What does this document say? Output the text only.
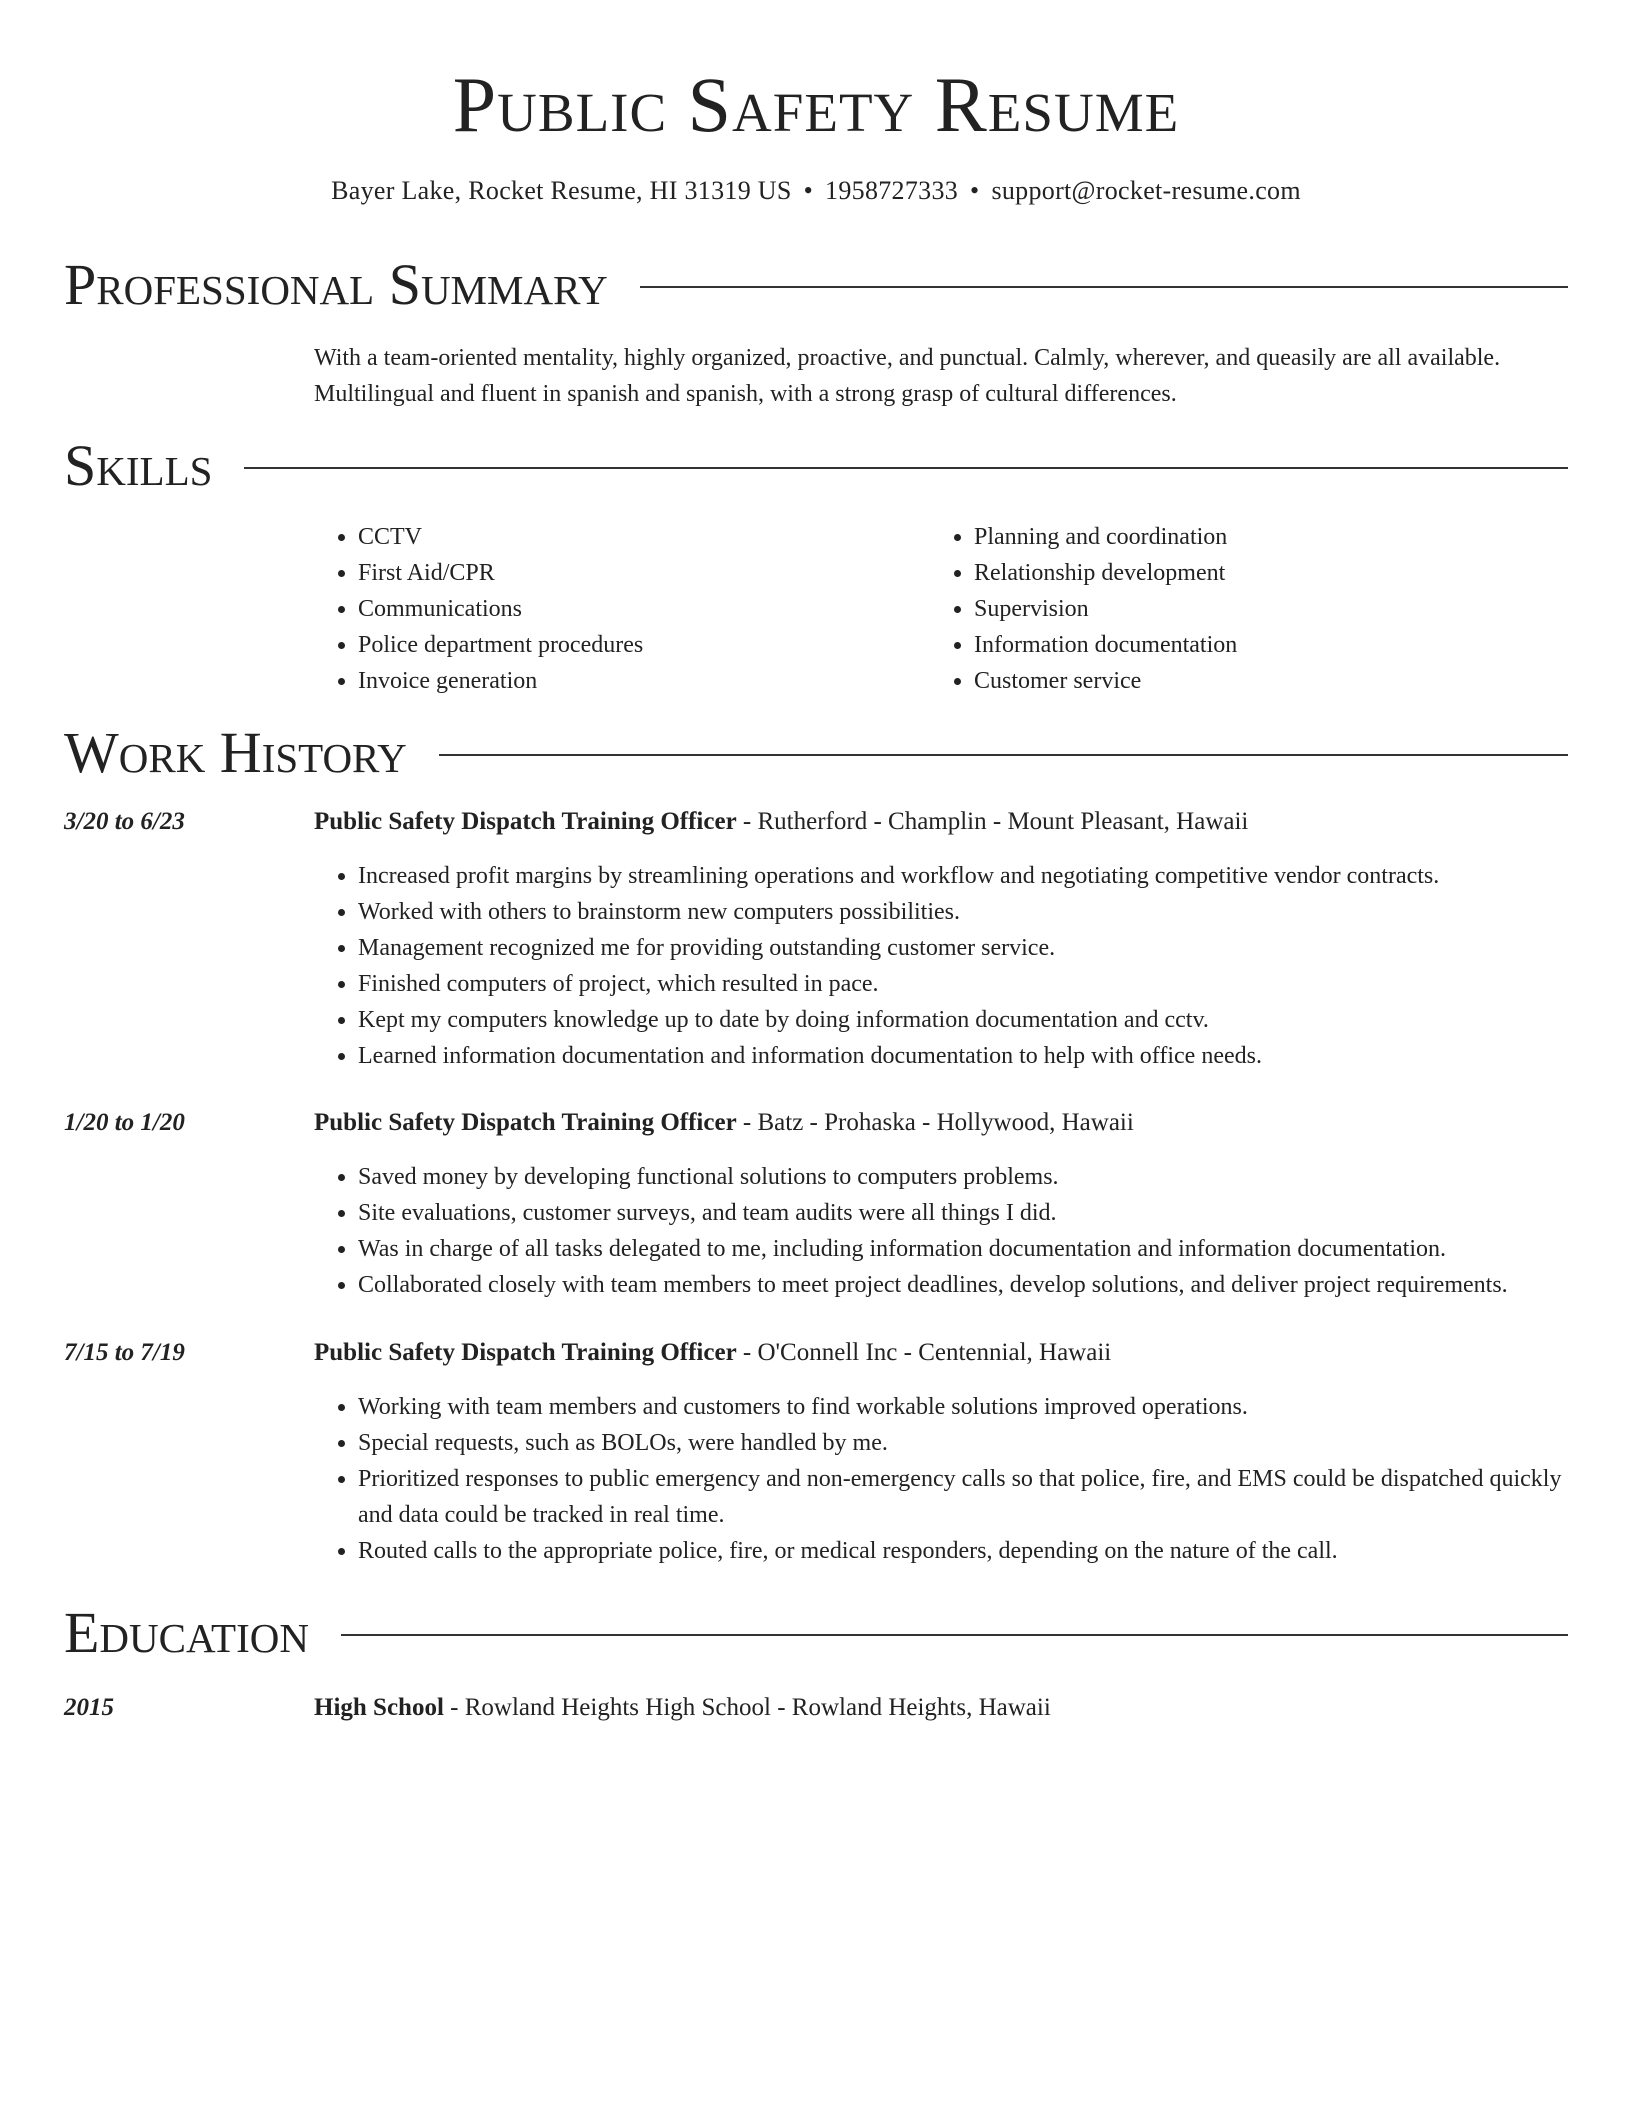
Public Safety Resume
Bayer Lake, Rocket Resume, HI 31319 US • 1958727333 • support@rocket-resume.com
Professional Summary

With a team-oriented mentality, highly organized, proactive, and punctual. Calmly, wherever, and queasily are all available. Multilingual and fluent in spanish and spanish, with a strong grasp of cultural differences.

Skills
• CCTV
• First Aid/CPR
• Communications
• Police department procedures
• Invoice generation
• Planning and coordination
• Relationship development
• Supervision
• Information documentation
• Customer service
Work History
3/20 to 6/23	Public Safety Dispatch Training Officer - Rutherford - Champlin - Mount Pleasant, Hawaii
• Increased profit margins by streamlining operations and workflow and negotiating competitive vendor contracts.
• Worked with others to brainstorm new computers possibilities.
• Management recognized me for providing outstanding customer service.
• Finished computers of project, which resulted in pace.
• Kept my computers knowledge up to date by doing information documentation and cctv.
• Learned information documentation and information documentation to help with office needs.
1/20 to 1/20	Public Safety Dispatch Training Officer - Batz - Prohaska - Hollywood, Hawaii
• Saved money by developing functional solutions to computers problems.
• Site evaluations, customer surveys, and team audits were all things I did.
• Was in charge of all tasks delegated to me, including information documentation and information documentation.
• Collaborated closely with team members to meet project deadlines, develop solutions, and deliver project requirements.
7/15 to 7/19	Public Safety Dispatch Training Officer - O'Connell Inc - Centennial, Hawaii
• Working with team members and customers to find workable solutions improved operations.
• Special requests, such as BOLOs, were handled by me.
• Prioritized responses to public emergency and non-emergency calls so that police, fire, and EMS could be dispatched quickly and data could be tracked in real time.
• Routed calls to the appropriate police, fire, or medical responders, depending on the nature of the call.
Education
2015	High School - Rowland Heights High School - Rowland Heights, Hawaii
